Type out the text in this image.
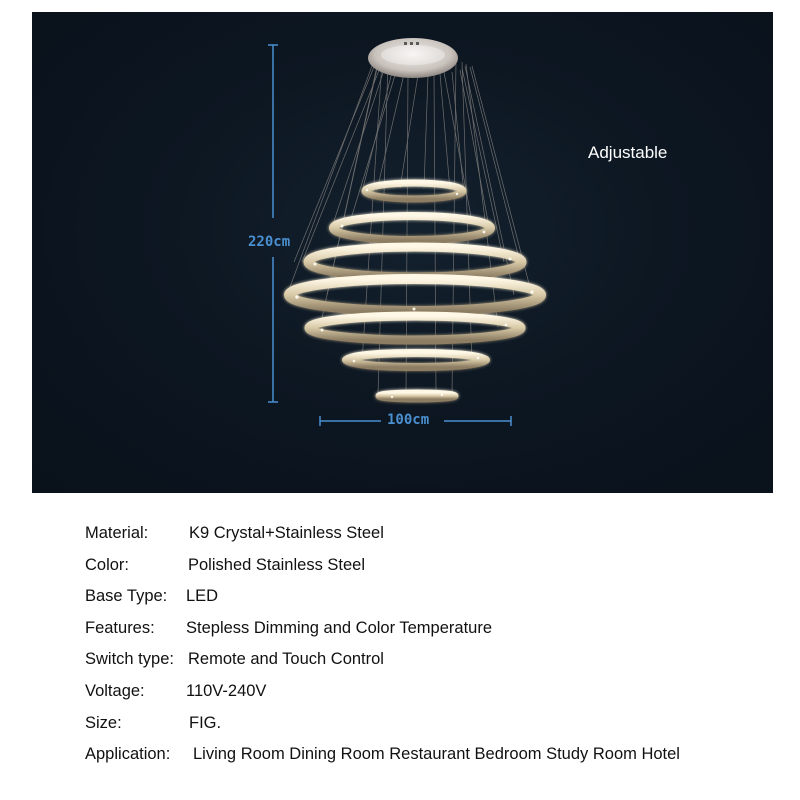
220cm
100cm
Adjustable
Material: K9 Crystal+Stainless Steel
Color:	Polished Stainless Steel
Base Type: LED
Features: Stepless Dimming and Color Temperature
Switch type: Remote and Touch Control
Voltage:	110V-240V
Size:	FIG.
Application: Living Room Dining Room Restaurant Bedroom Study Room Hotel
